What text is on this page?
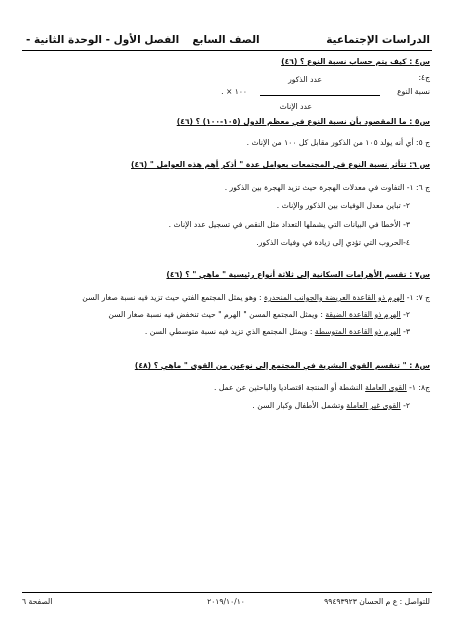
الدراسات الإجتماعية
الصف السابع
الفصل الأول - الوحدة الثانية -
س٤ : كيف يتم حساب نسبة النوع ؟ (٤٦)
ج٤:
عدد الذكور
نسبة النوع
١٠٠ × .
عدد الإناث
س٥ : ما المقصود بأن نسبة النوع في معظم الدول (١٠٥-١٠٠) ؟ (٤٦)
ج ٥: أي أنه يولد ١٠٥ من الذكور مقابل كل ١٠٠ من الإناث .
س ٦: تتأثر نسبة النوع في المجتمعات بعوامل عدة " أذكر أهم هذه العوامل " (٤٦)
ج ٦: ١- التفاوت في معدلات الهجرة حيث تزيد الهجرة بين الذكور .
٢- تباين معدل الوفيات بين الذكور والإناث .
٣- الأخطا في البيانات التي يشملها التعداد مثل النقص في تسجيل عدد الإناث .
٤-الحروب التي تؤدي إلى زيادة في وفيات الذكور.
س٧ : تقسم الأهرامات السكانية إلى ثلاثة أنواع رئيسية " ماهي " ؟ (٤٦)
ج ٧: ١- الهرم ذو القاعدة العريضة والجوانب المنحدرة : وهو يمثل المجتمع الفتي حيث تزيد فيه نسبة صغار السن
٢- الهرم ذو القاعدة الضيقة : ويمثل المجتمع المسن " الهرم " حيث تنخفض فيه نسبة صغار السن
٣- الهرم ذو القاعدة المتوسطة : ويمثل المجتمع الذي تزيد فيه نسبة متوسطي السن .
س٨ : " تنقسم القوى البشرية في المجتمع إلى نوعين من القوى " ماهي ؟ (٤٨)
ج٨: ١- القوى العاملة النشطة أو المنتجة اقتصاديا والباحثين عن عمل .
٢- القوى غير العاملة وتشمل الأطفال وكبار السن .
الصفحة ٦	٢٠١٩/١٠/١٠	للتواصل : ع م الحسان ٩٩٤٩٣٩٢٣
